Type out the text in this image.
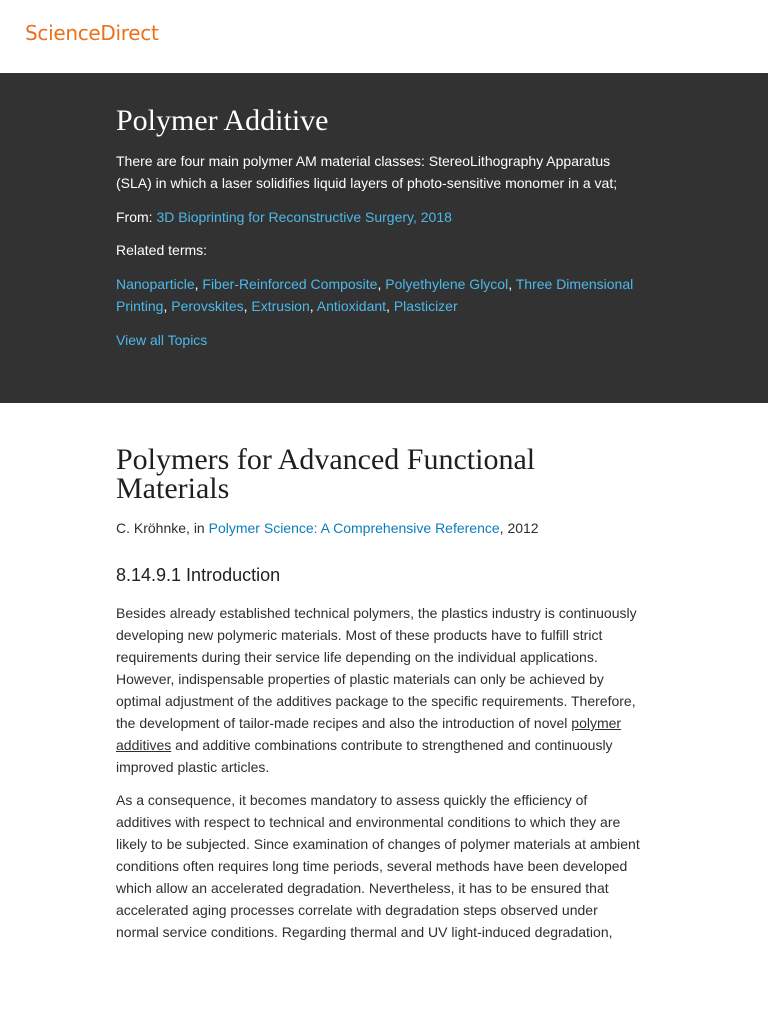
ScienceDirect
Polymer Additive

There are four main polymer AM material classes: StereoLithography Apparatus (SLA) in which a laser solidifies liquid layers of photo-sensitive monomer in a vat;

From: 3D Bioprinting for Reconstructive Surgery, 2018

Related terms:

Nanoparticle, Fiber-Reinforced Composite, Polyethylene Glycol, Three Dimensional Printing, Perovskites, Extrusion, Antioxidant, Plasticizer

View all Topics
Polymers for Advanced Functional Materials

C. Kröhnke, in Polymer Science: A Comprehensive Reference, 2012

8.14.9.1 Introduction

Besides already established technical polymers, the plastics industry is continuously developing new polymeric materials. Most of these products have to fulfill strict requirements during their service life depending on the individual applications. However, indispensable properties of plastic materials can only be achieved by optimal adjustment of the additives package to the specific requirements. Therefore, the development of tailor-made recipes and also the introduction of novel polymer additives and additive combinations contribute to strengthened and continuously improved plastic articles.

As a consequence, it becomes mandatory to assess quickly the efficiency of additives with respect to technical and environmental conditions to which they are likely to be subjected. Since examination of changes of polymer materials at ambient conditions often requires long time periods, several methods have been developed which allow an accelerated degradation. Nevertheless, it has to be ensured that accelerated aging processes correlate with degradation steps observed under normal service conditions. Regarding thermal and UV light-induced degradation,
